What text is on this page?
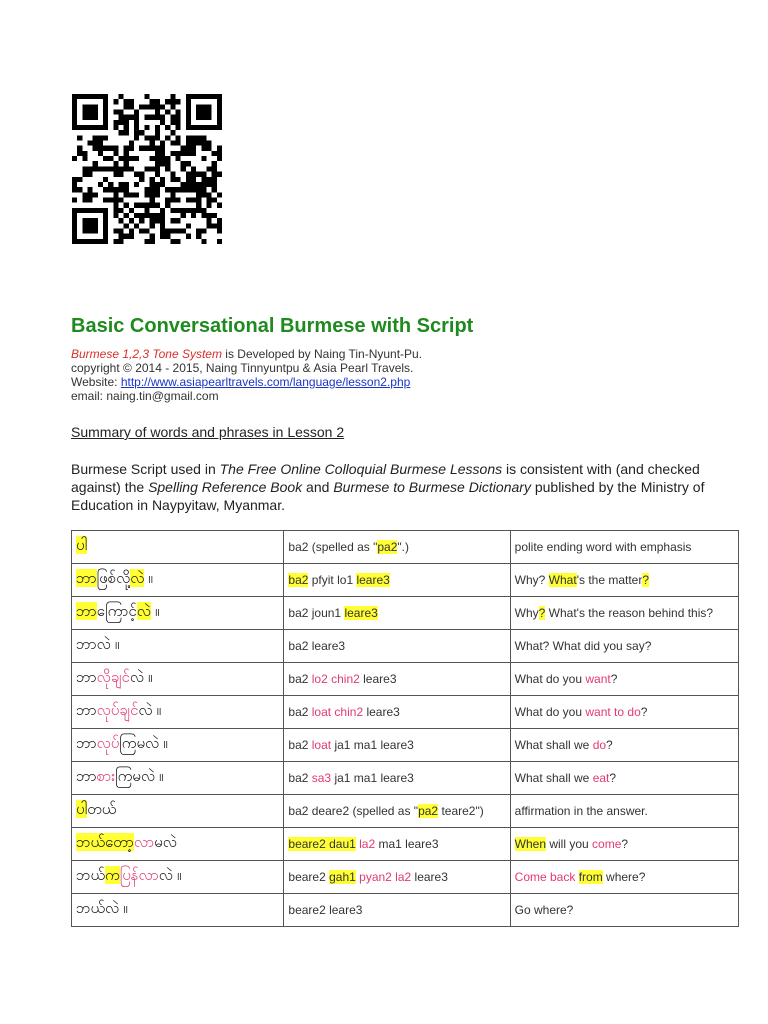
Basic Conversational Burmese with Script
Burmese 1,2,3 Tone System is Developed by Naing Tin-Nyunt-Pu.
copyright © 2014 - 2015, Naing Tinnyuntpu & Asia Pearl Travels.
Website: http://www.asiapearltravels.com/language/lesson2.php
email: naing.tin@gmail.com
Summary of words and phrases in Lesson 2
Burmese Script used in The Free Online Colloquial Burmese Lessons is consistent with (and checked against) the Spelling Reference Book and Burmese to Burmese Dictionary published by the Ministry of Education in Naypyitaw, Myanmar.
ပါ	ba2 (spelled as "pa2".)	polite ending word with emphasis
ဘာဖြစ်လို့လဲ ။	ba2 pfyit lo1 leare3	Why? What's the matter?
ဘာကြောင့်လဲ ။	ba2 joun1 leare3	Why? What's the reason behind this?
ဘာလဲ ။	ba2 leare3	What? What did you say?
ဘာလိုချင်လဲ ။	ba2 lo2 chin2 leare3	What do you want?
ဘာလုပ်ချင်လဲ ။	ba2 loat chin2 leare3	What do you want to do?
ဘာလုပ်ကြမလဲ ။	ba2 loat ja1 ma1 leare3	What shall we do?
ဘာစားကြမလဲ ။	ba2 sa3 ja1 ma1 leare3	What shall we eat?
ပါတယ်	ba2 deare2 (spelled as "pa2 teare2")	affirmation in the answer.
ဘယ်တော့လာမလဲ	beare2 dau1 la2 ma1 leare3	When will you come?
ဘယ်ကပြန်လာလဲ ။	beare2 gah1 pyan2 la2 leare3	Come back from where?
ဘယ်လဲ ။	beare2 leare3	Go where?
